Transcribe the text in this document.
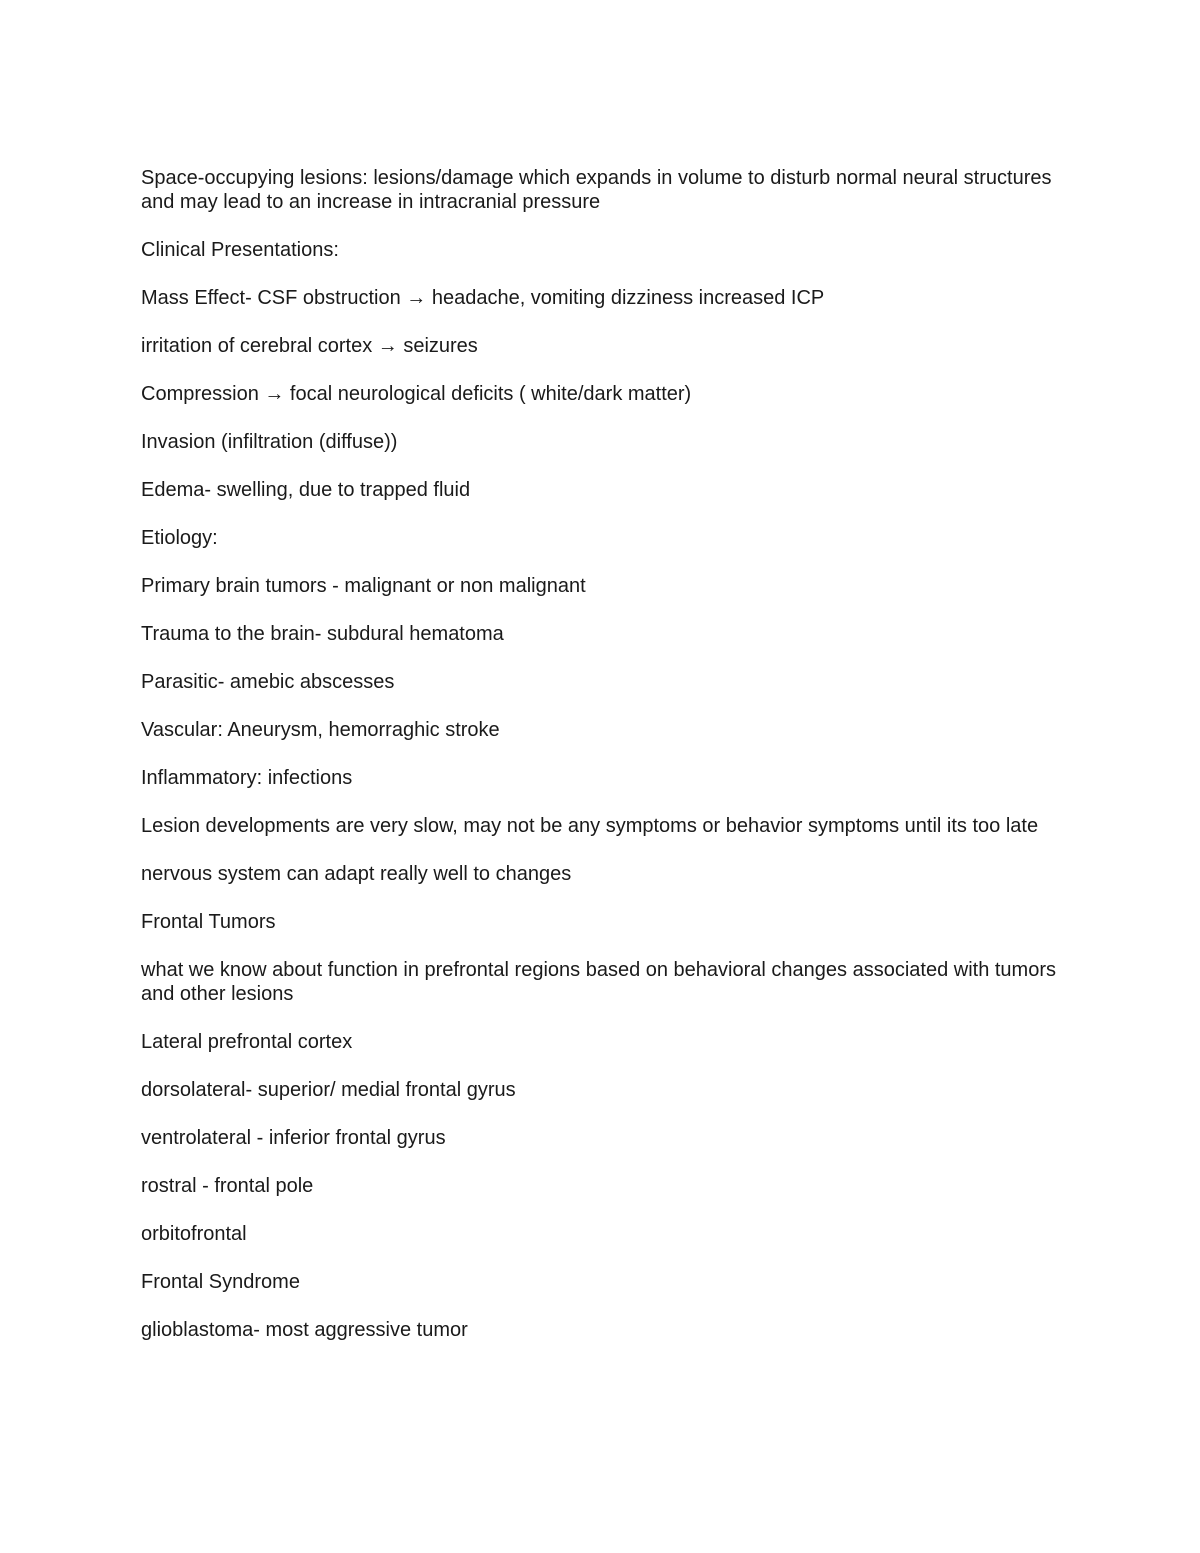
Space-occupying lesions: lesions/damage which expands in volume to disturb normal neural structures and may lead to an increase in intracranial pressure

Clinical Presentations:

Mass Effect- CSF obstruction → headache, vomiting dizziness increased ICP

irritation of cerebral cortex → seizures

Compression → focal neurological deficits ( white/dark matter)

Invasion (infiltration (diffuse))

Edema- swelling, due to trapped fluid

Etiology:

Primary brain tumors - malignant or non malignant

Trauma to the brain- subdural hematoma

Parasitic- amebic abscesses

Vascular: Aneurysm, hemorraghic stroke

Inflammatory: infections

Lesion developments are very slow, may not be any symptoms or behavior symptoms until its too late

nervous system can adapt really well to changes

Frontal Tumors

what we know about function in prefrontal regions based on behavioral changes associated with tumors and other lesions

Lateral prefrontal cortex

dorsolateral- superior/ medial frontal gyrus

ventrolateral - inferior frontal gyrus

rostral - frontal pole

orbitofrontal

Frontal Syndrome

glioblastoma- most aggressive tumor
